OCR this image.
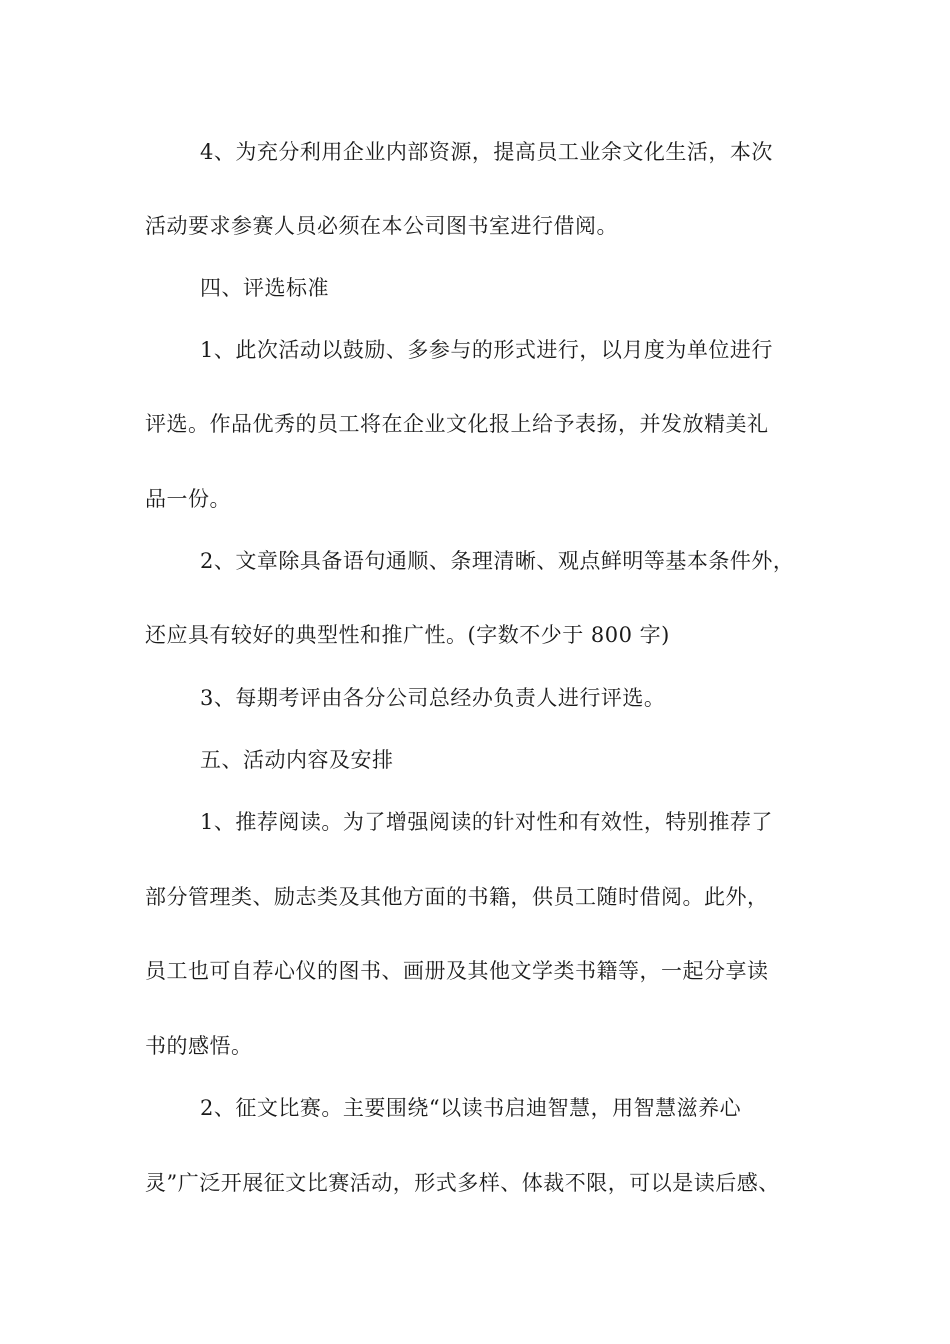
4、为充分利用企业内部资源，提高员工业余文化生活，本次
活动要求参赛人员必须在本公司图书室进行借阅。
四、评选标准
1、此次活动以鼓励、多参与的形式进行，以月度为单位进行
评选。作品优秀的员工将在企业文化报上给予表扬，并发放精美礼
品一份。
2、文章除具备语句通顺、条理清晰、观点鲜明等基本条件外，
还应具有较好的典型性和推广性。(字数不少于 800 字)
3、每期考评由各分公司总经办负责人进行评选。
五、活动内容及安排
1、推荐阅读。为了增强阅读的针对性和有效性，特别推荐了
部分管理类、励志类及其他方面的书籍，供员工随时借阅。此外，
员工也可自荐心仪的图书、画册及其他文学类书籍等，一起分享读
书的感悟。
2、征文比赛。主要围绕“以读书启迪智慧，用智慧滋养心
灵”广泛开展征文比赛活动，形式多样、体裁不限，可以是读后感、
